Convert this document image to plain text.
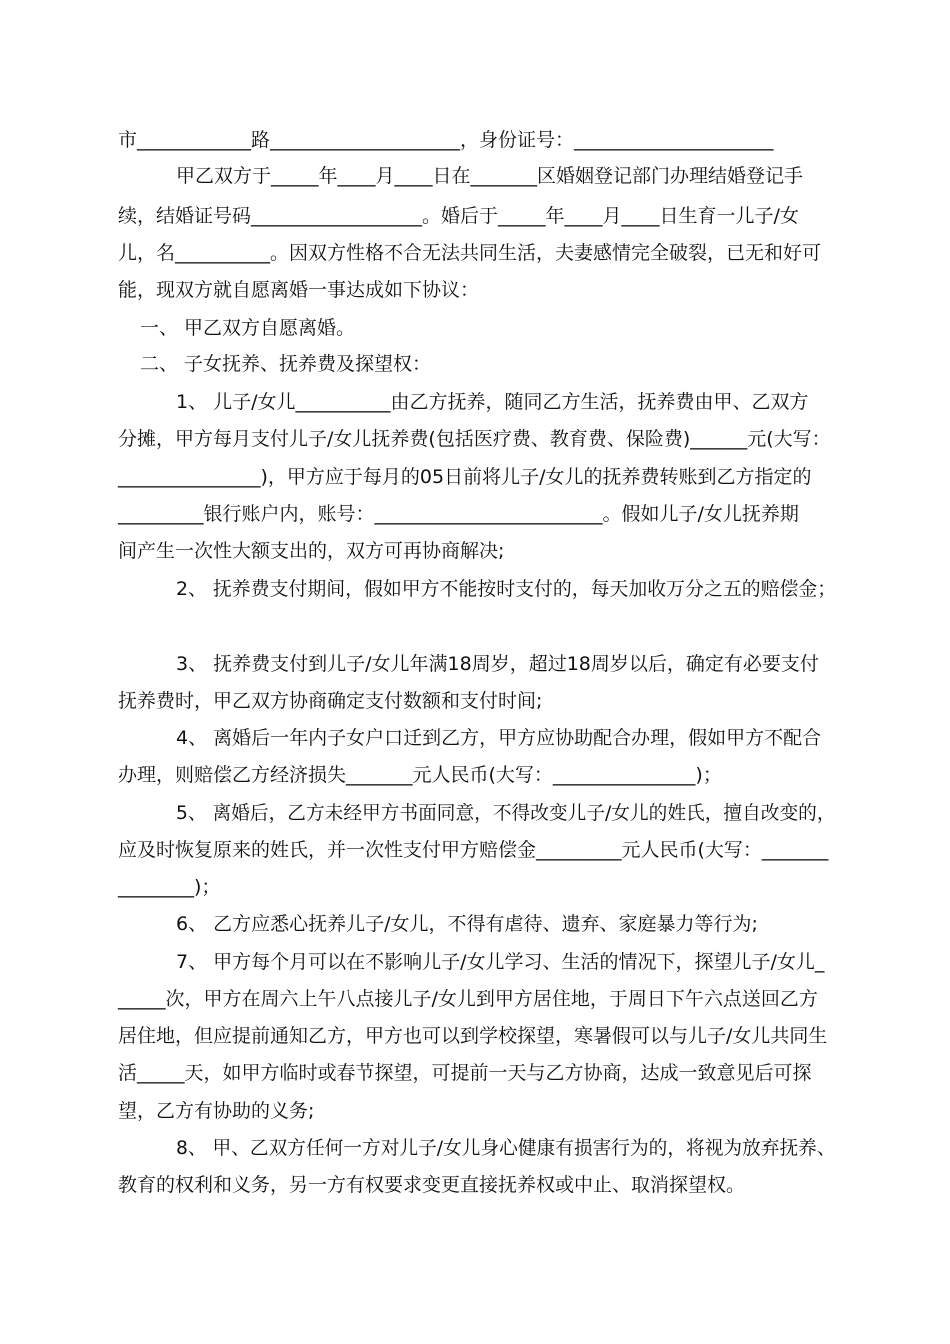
市____________路____________________，身份证号：_____________________
甲乙双方于_____年____月____日在_______区婚姻登记部门办理结婚登记手
续，结婚证号码__________________。婚后于_____年____月____日生育一儿子/女
儿，名__________。因双方性格不合无法共同生活，夫妻感情完全破裂，已无和好可
能，现双方就自愿离婚一事达成如下协议：
一、 甲乙双方自愿离婚。
二、 子女抚养、抚养费及探望权：
1、 儿子/女儿__________由乙方抚养，随同乙方生活，抚养费由甲、乙双方
分摊，甲方每月支付儿子/女儿抚养费(包括医疗费、教育费、保险费)______元(大写：
_______________)，甲方应于每月的05日前将儿子/女儿的抚养费转账到乙方指定的
_________银行账户内，账号：________________________。假如儿子/女儿抚养期
间产生一次性大额支出的，双方可再协商解决;
2、 抚养费支付期间，假如甲方不能按时支付的，每天加收万分之五的赔偿金；
3、 抚养费支付到儿子/女儿年满18周岁，超过18周岁以后，确定有必要支付
抚养费时，甲乙双方协商确定支付数额和支付时间;
4、 离婚后一年内子女户口迁到乙方，甲方应协助配合办理，假如甲方不配合
办理，则赔偿乙方经济损失_______元人民币(大写：_______________)；
5、 离婚后，乙方未经甲方书面同意，不得改变儿子/女儿的姓氏，擅自改变的，
应及时恢复原来的姓氏，并一次性支付甲方赔偿金_________元人民币(大写：_______
________)；
6、 乙方应悉心抚养儿子/女儿，不得有虐待、遗弃、家庭暴力等行为;
7、 甲方每个月可以在不影响儿子/女儿学习、生活的情况下，探望儿子/女儿_
_____次，甲方在周六上午八点接儿子/女儿到甲方居住地，于周日下午六点送回乙方
居住地，但应提前通知乙方，甲方也可以到学校探望，寒暑假可以与儿子/女儿共同生
活_____天，如甲方临时或春节探望，可提前一天与乙方协商，达成一致意见后可探
望，乙方有协助的义务;
8、 甲、乙双方任何一方对儿子/女儿身心健康有损害行为的，将视为放弃抚养、
教育的权利和义务，另一方有权要求变更直接抚养权或中止、取消探望权。
